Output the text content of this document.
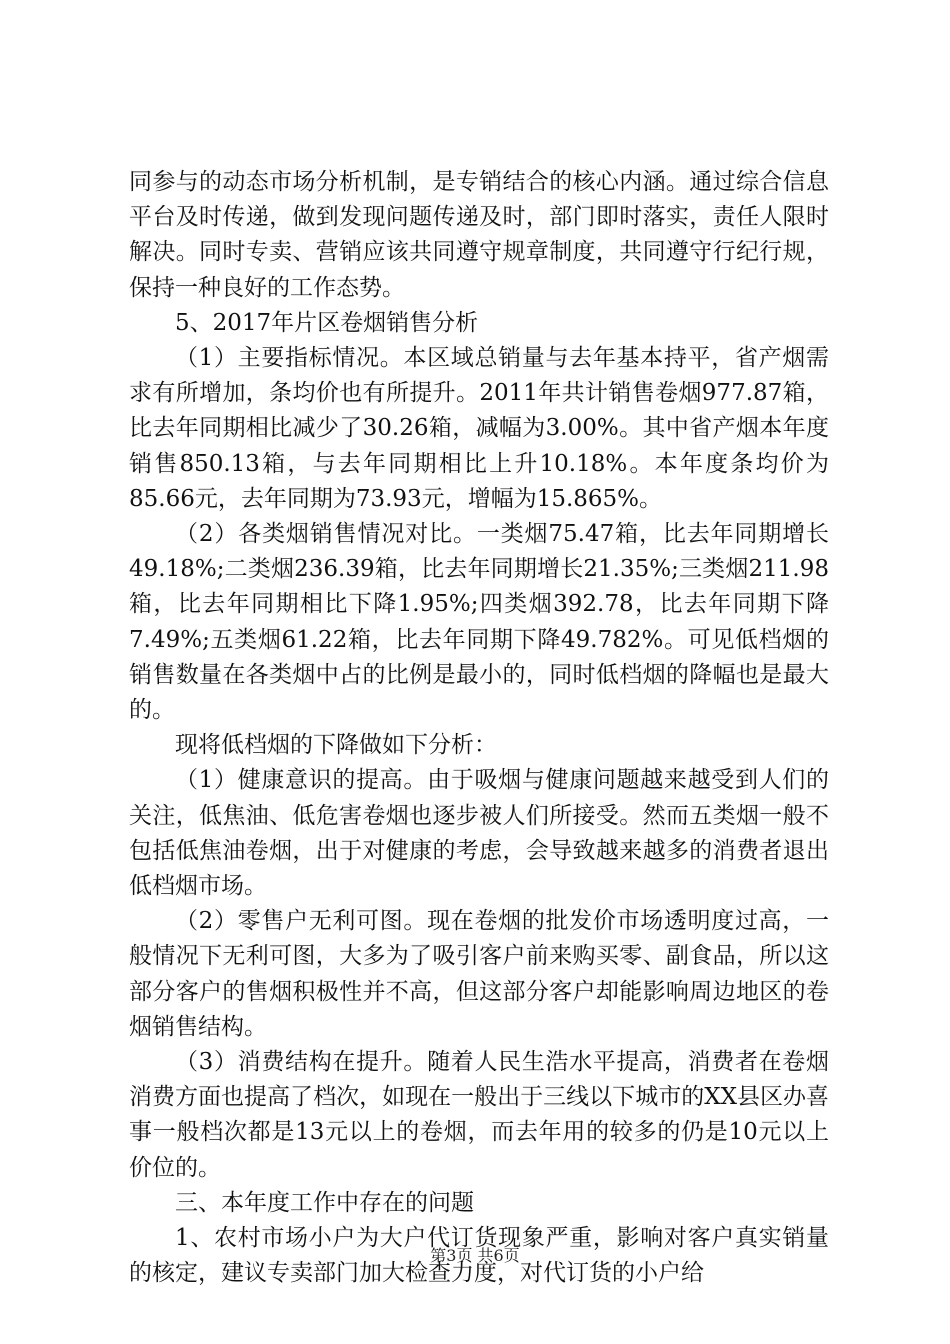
同参与的动态市场分析机制，是专销结合的核心内涵。通过综合信息平台及时传递，做到发现问题传递及时，部门即时落实，责任人限时解决。同时专卖、营销应该共同遵守规章制度，共同遵守行纪行规，保持一种良好的工作态势。

5、2017年片区卷烟销售分析

（1）主要指标情况。本区域总销量与去年基本持平，省产烟需求有所增加，条均价也有所提升。2011年共计销售卷烟977.87箱，比去年同期相比减少了30.26箱，减幅为3.00%。其中省产烟本年度销售850.13箱，与去年同期相比上升10.18%。本年度条均价为85.66元，去年同期为73.93元，增幅为15.865%。

（2）各类烟销售情况对比。一类烟75.47箱，比去年同期增长49.18%;二类烟236.39箱，比去年同期增长21.35%;三类烟211.98箱，比去年同期相比下降1.95%;四类烟392.78，比去年同期下降7.49%;五类烟61.22箱，比去年同期下降49.782%。可见低档烟的销售数量在各类烟中占的比例是最小的，同时低档烟的降幅也是最大的。

现将低档烟的下降做如下分析：

（1）健康意识的提高。由于吸烟与健康问题越来越受到人们的关注，低焦油、低危害卷烟也逐步被人们所接受。然而五类烟一般不包括低焦油卷烟，出于对健康的考虑，会导致越来越多的消费者退出低档烟市场。

（2）零售户无利可图。现在卷烟的批发价市场透明度过高，一般情况下无利可图，大多为了吸引客户前来购买零、副食品，所以这部分客户的售烟积极性并不高，但这部分客户却能影响周边地区的卷烟销售结构。

（3）消费结构在提升。随着人民生浩水平提高，消费者在卷烟消费方面也提高了档次，如现在一般出于三线以下城市的XX县区办喜事一般档次都是13元以上的卷烟，而去年用的较多的仍是10元以上价位的。

三、本年度工作中存在的问题

1、农村市场小户为大户代订货现象严重，影响对客户真实销量的核定，建议专卖部门加大检查力度，对代订货的小户给

第3页 共6页
